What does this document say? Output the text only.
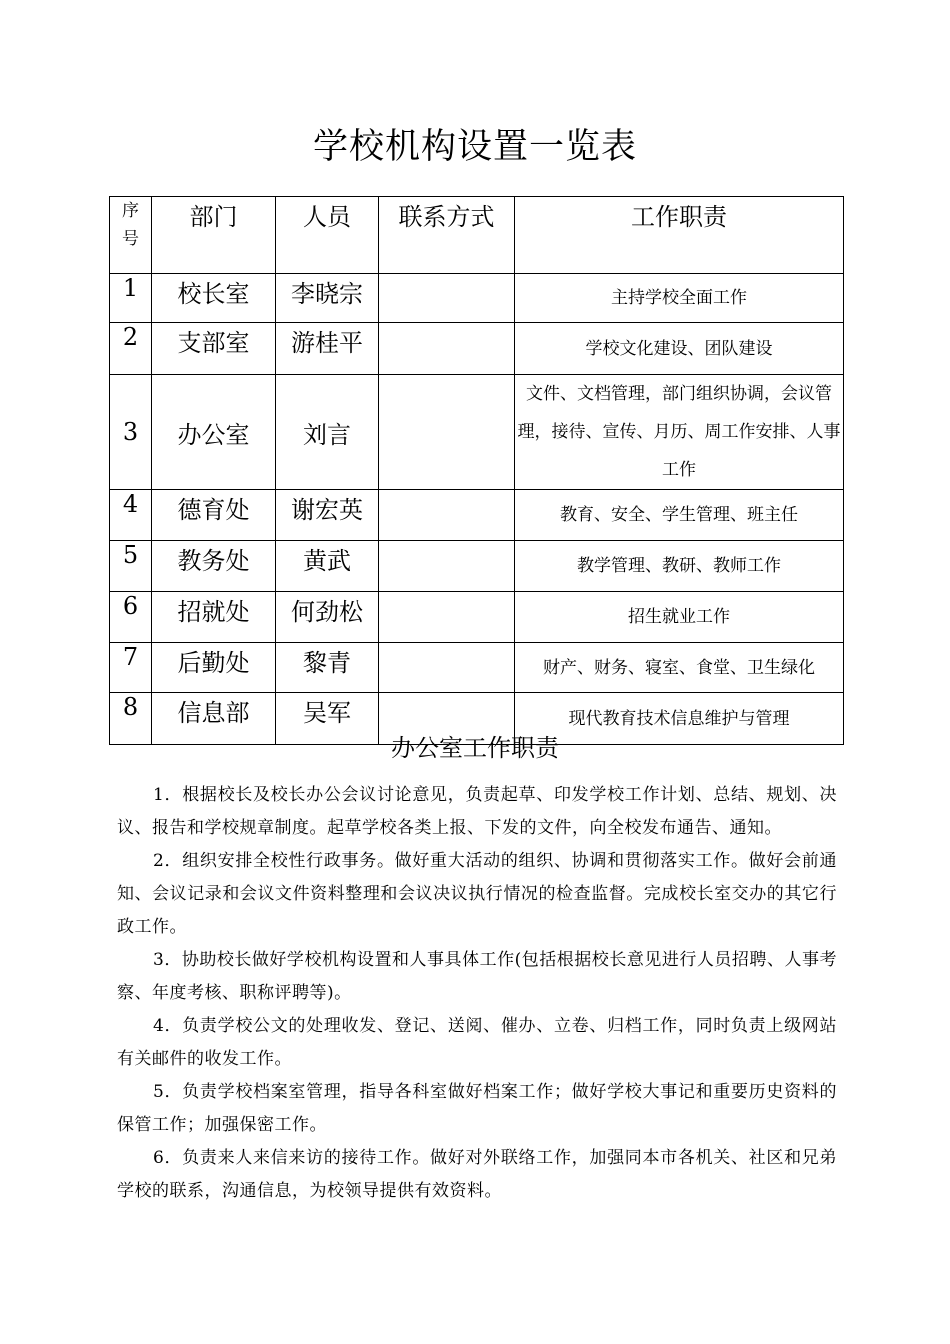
学校机构设置一览表
序
号	部门	人员	联系方式	工作职责
1	校长室	李晓宗		主持学校全面工作
2	支部室	游桂平		学校文化建设、团队建设
3	办公室	刘言		文件、文档管理，部门组织协调，会议管理，接待、宣传、月历、周工作安排、人事工作
4	德育处	谢宏英		教育、安全、学生管理、班主任
5	教务处	黄武		教学管理、教研、教师工作
6	招就处	何劲松		招生就业工作
7	后勤处	黎青		财产、财务、寝室、食堂、卫生绿化
8	信息部	吴军		现代教育技术信息维护与管理
办公室工作职责

1．根据校长及校长办公会议讨论意见，负责起草、印发学校工作计划、总结、规划、决议、报告和学校规章制度。起草学校各类上报、下发的文件，向全校发布通告、通知。

2．组织安排全校性行政事务。做好重大活动的组织、协调和贯彻落实工作。做好会前通知、会议记录和会议文件资料整理和会议决议执行情况的检查监督。完成校长室交办的其它行政工作。

3．协助校长做好学校机构设置和人事具体工作(包括根据校长意见进行人员招聘、人事考察、年度考核、职称评聘等)。

4．负责学校公文的处理收发、登记、送阅、催办、立卷、归档工作，同时负责上级网站有关邮件的收发工作。

5．负责学校档案室管理，指导各科室做好档案工作；做好学校大事记和重要历史资料的保管工作；加强保密工作。

6．负责来人来信来访的接待工作。做好对外联络工作，加强同本市各机关、社区和兄弟学校的联系，沟通信息，为校领导提供有效资料。
